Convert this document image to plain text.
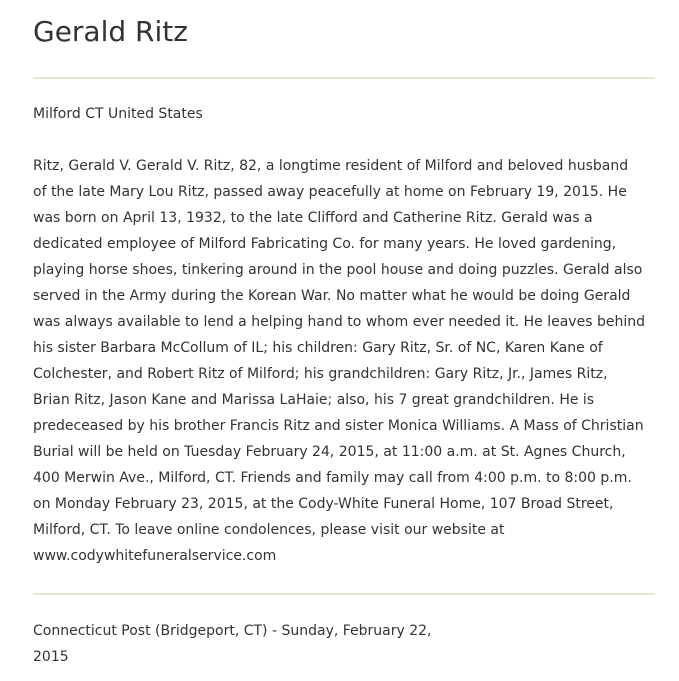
Gerald Ritz

Milford CT United States

Ritz, Gerald V. Gerald V. Ritz, 82, a longtime resident of Milford and beloved husband
of the late Mary Lou Ritz, passed away peacefully at home on February 19, 2015. He
was born on April 13, 1932, to the late Clifford and Catherine Ritz. Gerald was a
dedicated employee of Milford Fabricating Co. for many years. He loved gardening,
playing horse shoes, tinkering around in the pool house and doing puzzles. Gerald also
served in the Army during the Korean War. No matter what he would be doing Gerald
was always available to lend a helping hand to whom ever needed it. He leaves behind
his sister Barbara McCollum of IL; his children: Gary Ritz, Sr. of NC, Karen Kane of
Colchester, and Robert Ritz of Milford; his grandchildren: Gary Ritz, Jr., James Ritz,
Brian Ritz, Jason Kane and Marissa LaHaie; also, his 7 great grandchildren. He is
predeceased by his brother Francis Ritz and sister Monica Williams. A Mass of Christian
Burial will be held on Tuesday February 24, 2015, at 11:00 a.m. at St. Agnes Church,
400 Merwin Ave., Milford, CT. Friends and family may call from 4:00 p.m. to 8:00 p.m.
on Monday February 23, 2015, at the Cody-White Funeral Home, 107 Broad Street,
Milford, CT. To leave online condolences, please visit our website at
www.codywhitefuneralservice.com

Connecticut Post (Bridgeport, CT) - Sunday, February 22,
2015
